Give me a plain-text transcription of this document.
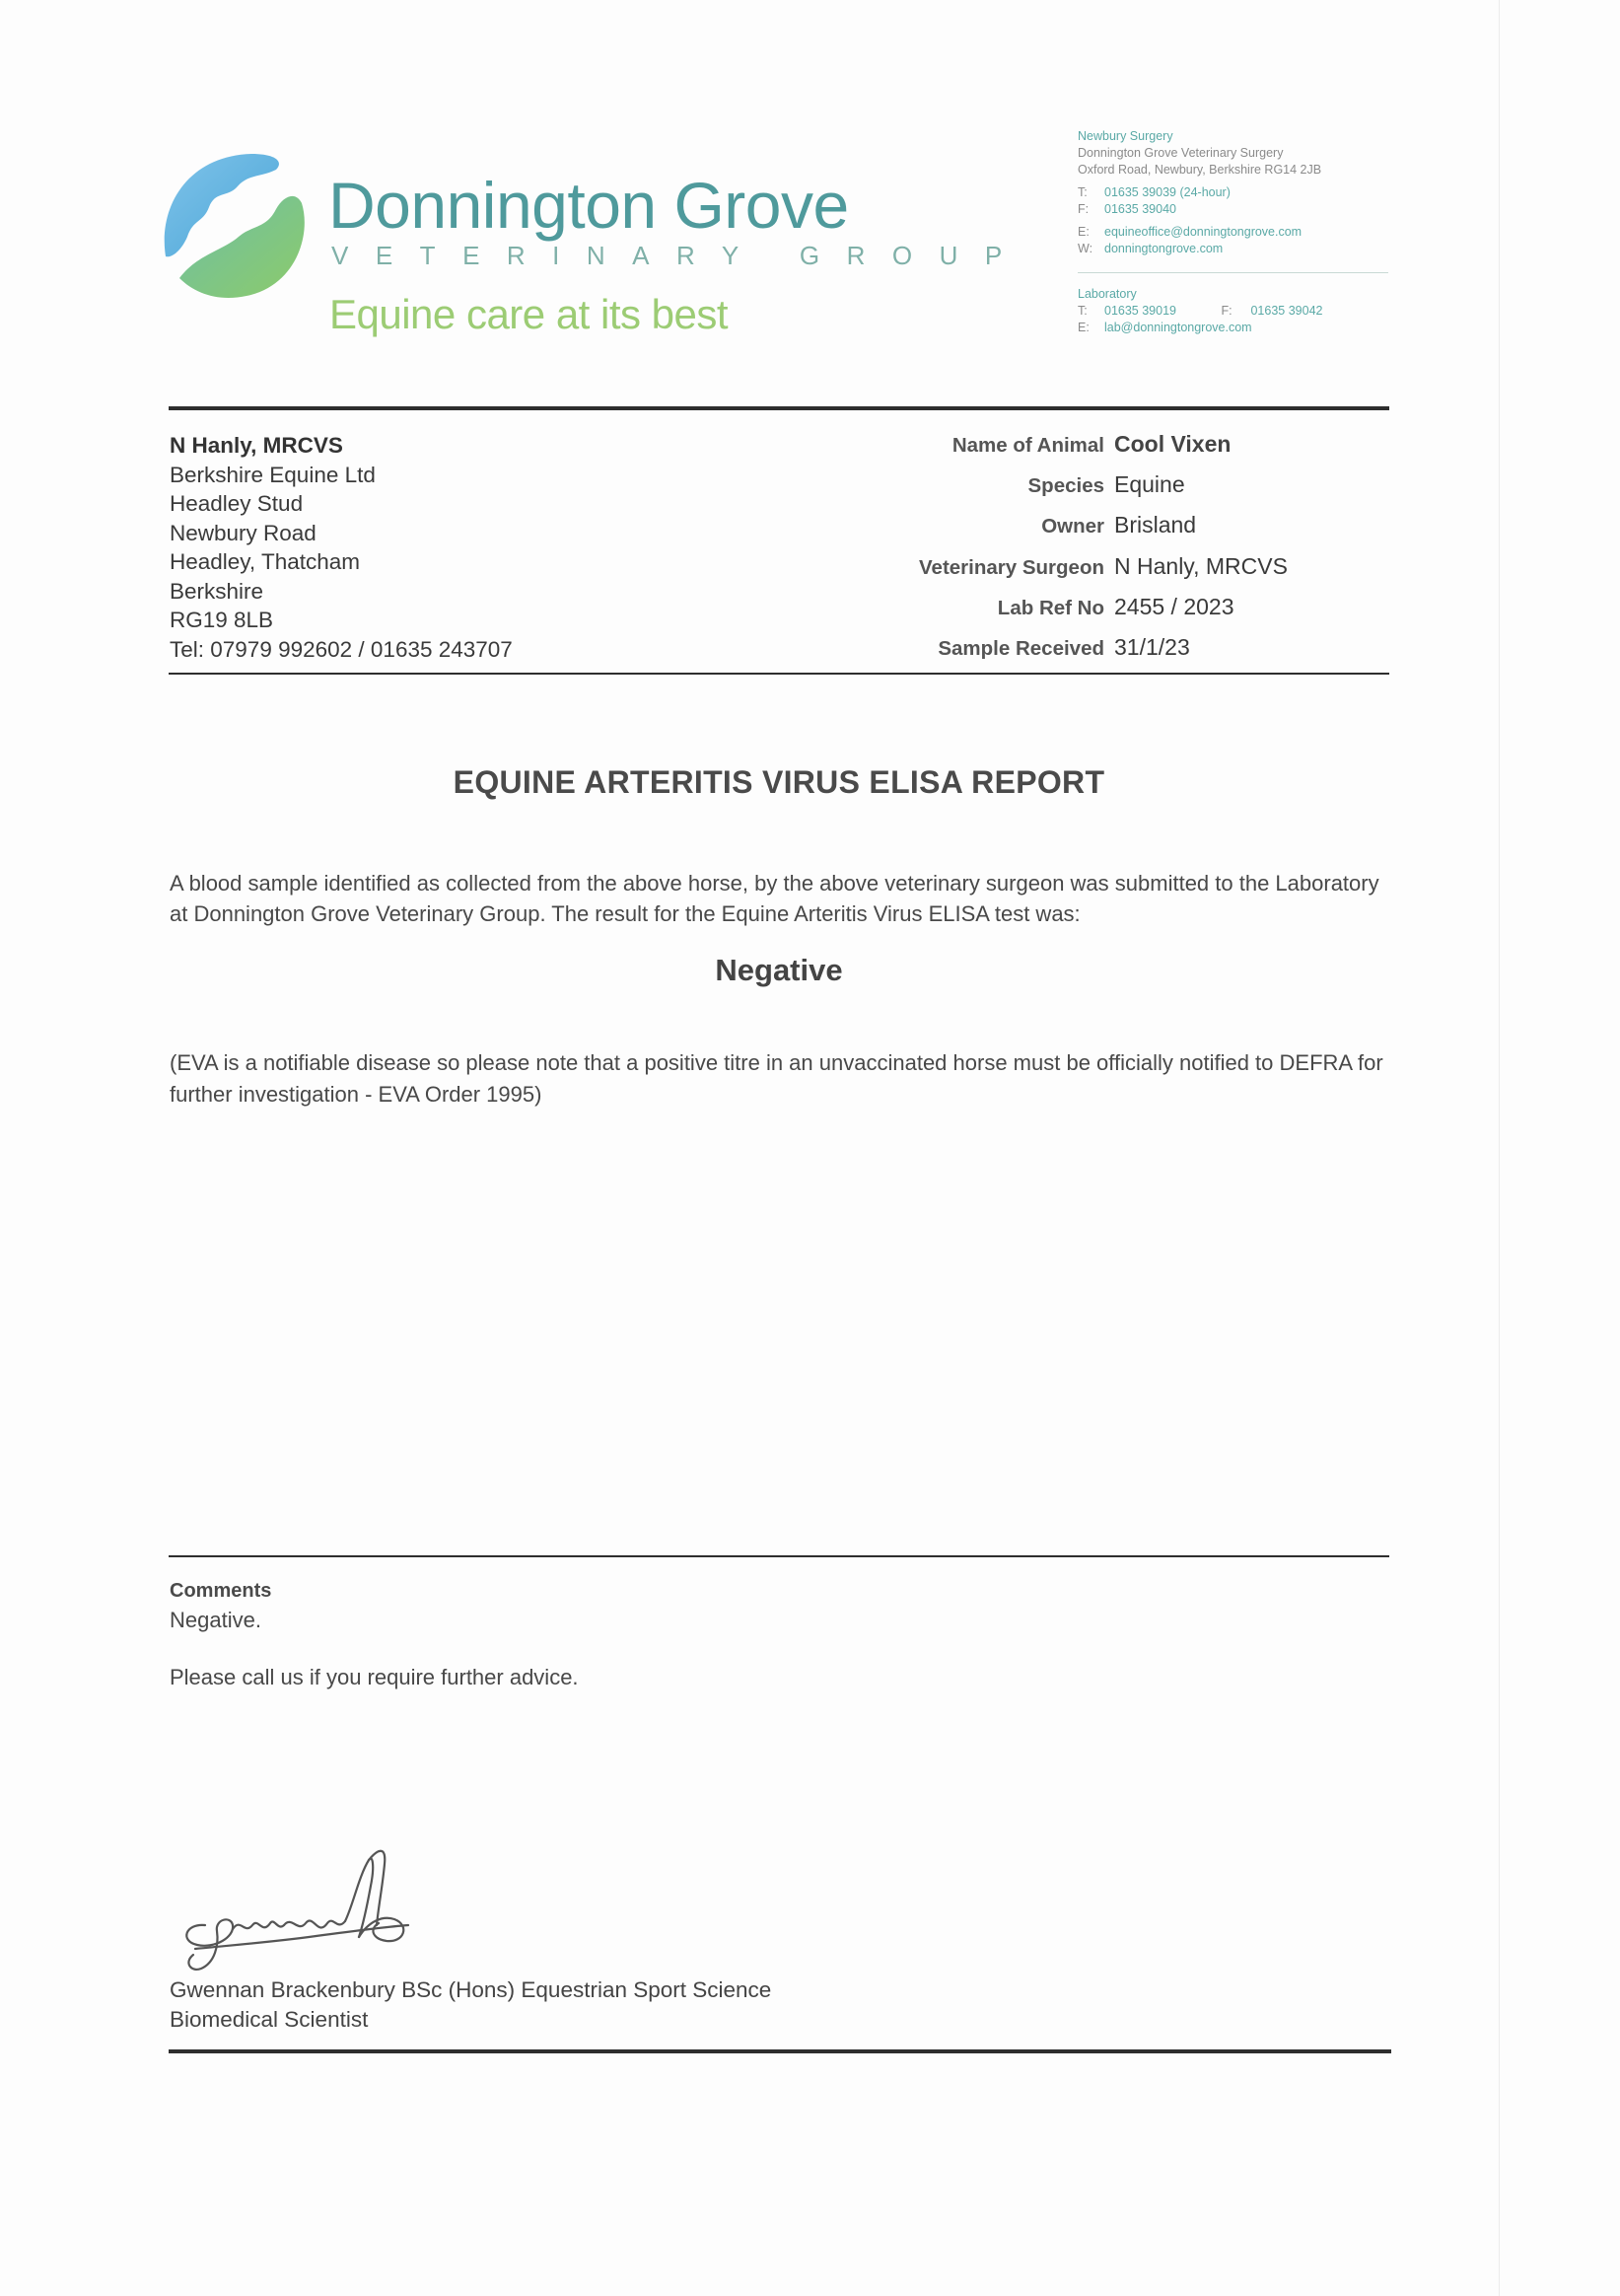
Donnington Grove
VETERINARY GROUP
Equine care at its best
Newbury Surgery
Donnington Grove Veterinary Surgery
Oxford Road, Newbury, Berkshire RG14 2JB
T: 01635 39039 (24-hour)
F: 01635 39040
E: equineoffice@donningtongrove.com
W: donningtongrove.com
Laboratory
T: 01635 39019	F: 01635 39042
E: lab@donningtongrove.com
N Hanly, MRCVS
Berkshire Equine Ltd
Headley Stud
Newbury Road
Headley, Thatcham
Berkshire
RG19 8LB
Tel: 07979 992602 / 01635 243707
Name of Animal Cool Vixen
Species Equine
Owner Brisland
Veterinary Surgeon N Hanly, MRCVS
Lab Ref No 2455 / 2023
Sample Received 31/1/23
EQUINE ARTERITIS VIRUS ELISA REPORT
A blood sample identified as collected from the above horse, by the above veterinary surgeon was submitted to the Laboratory at Donnington Grove Veterinary Group. The result for the Equine Arteritis Virus ELISA test was:
Negative
(EVA is a notifiable disease so please note that a positive titre in an unvaccinated horse must be officially notified to DEFRA for further investigation - EVA Order 1995)
Comments
Negative.
Please call us if you require further advice.
Gwennan Brackenbury BSc (Hons) Equestrian Sport Science
Biomedical Scientist
